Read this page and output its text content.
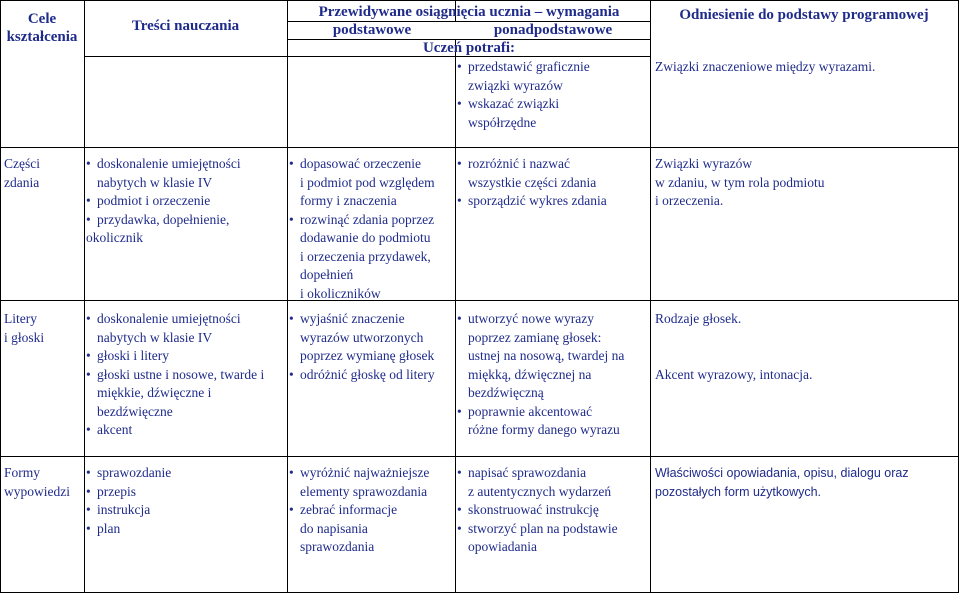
Cele
kształcenia
Treści nauczania
Przewidywane osiągnięcia ucznia – wymagania
podstawowe	ponadpodstawowe
Uczeń potrafi:
Odniesienie do podstawy programowej
• przedstawić graficznie
związki wyrazów
• wskazać związki
współrzędne

Związki znaczeniowe między wyrazami.

Części

zdania

• doskonalenie umiejętności
nabytych w klasie IV
• podmiot i orzeczenie
• przydawka, dopełnienie,
okolicznik
• dopasować orzeczenie
i podmiot pod względem
formy i znaczenia
• rozwinąć zdania poprzez
dodawanie do podmiotu
i orzeczenia przydawek,
dopełnień
i okoliczników
• rozróżnić i nazwać
wszystkie części zdania
• sporządzić wykres zdania

Związki wyrazów

w zdaniu, w tym rola podmiotu

i orzeczenia.

Litery

i głoski

• doskonalenie umiejętności
nabytych w klasie IV
• głoski i litery
• głoski ustne i nosowe, twarde i
miękkie, dźwięczne i
bezdźwięczne
• akcent
• wyjaśnić znaczenie
wyrazów utworzonych
poprzez wymianę głosek
• odróżnić głoskę od litery
• utworzyć nowe wyrazy
poprzez zamianę głosek:
ustnej na nosową, twardej na
miękką, dźwięcznej na
bezdźwięczną
• poprawnie akcentować
różne formy danego wyrazu

Rodzaje głosek.

Akcent wyrazowy, intonacja.

Formy

wypowiedzi

• sprawozdanie
• przepis
• instrukcja
• plan
• wyróżnić najważniejsze
elementy sprawozdania
• zebrać informacje
do napisania
sprawozdania
• napisać sprawozdania
z autentycznych wydarzeń
• skonstruować instrukcję
• stworzyć plan na podstawie
opowiadania

Właściwości opowiadania, opisu, dialogu oraz

pozostałych form użytkowych.
